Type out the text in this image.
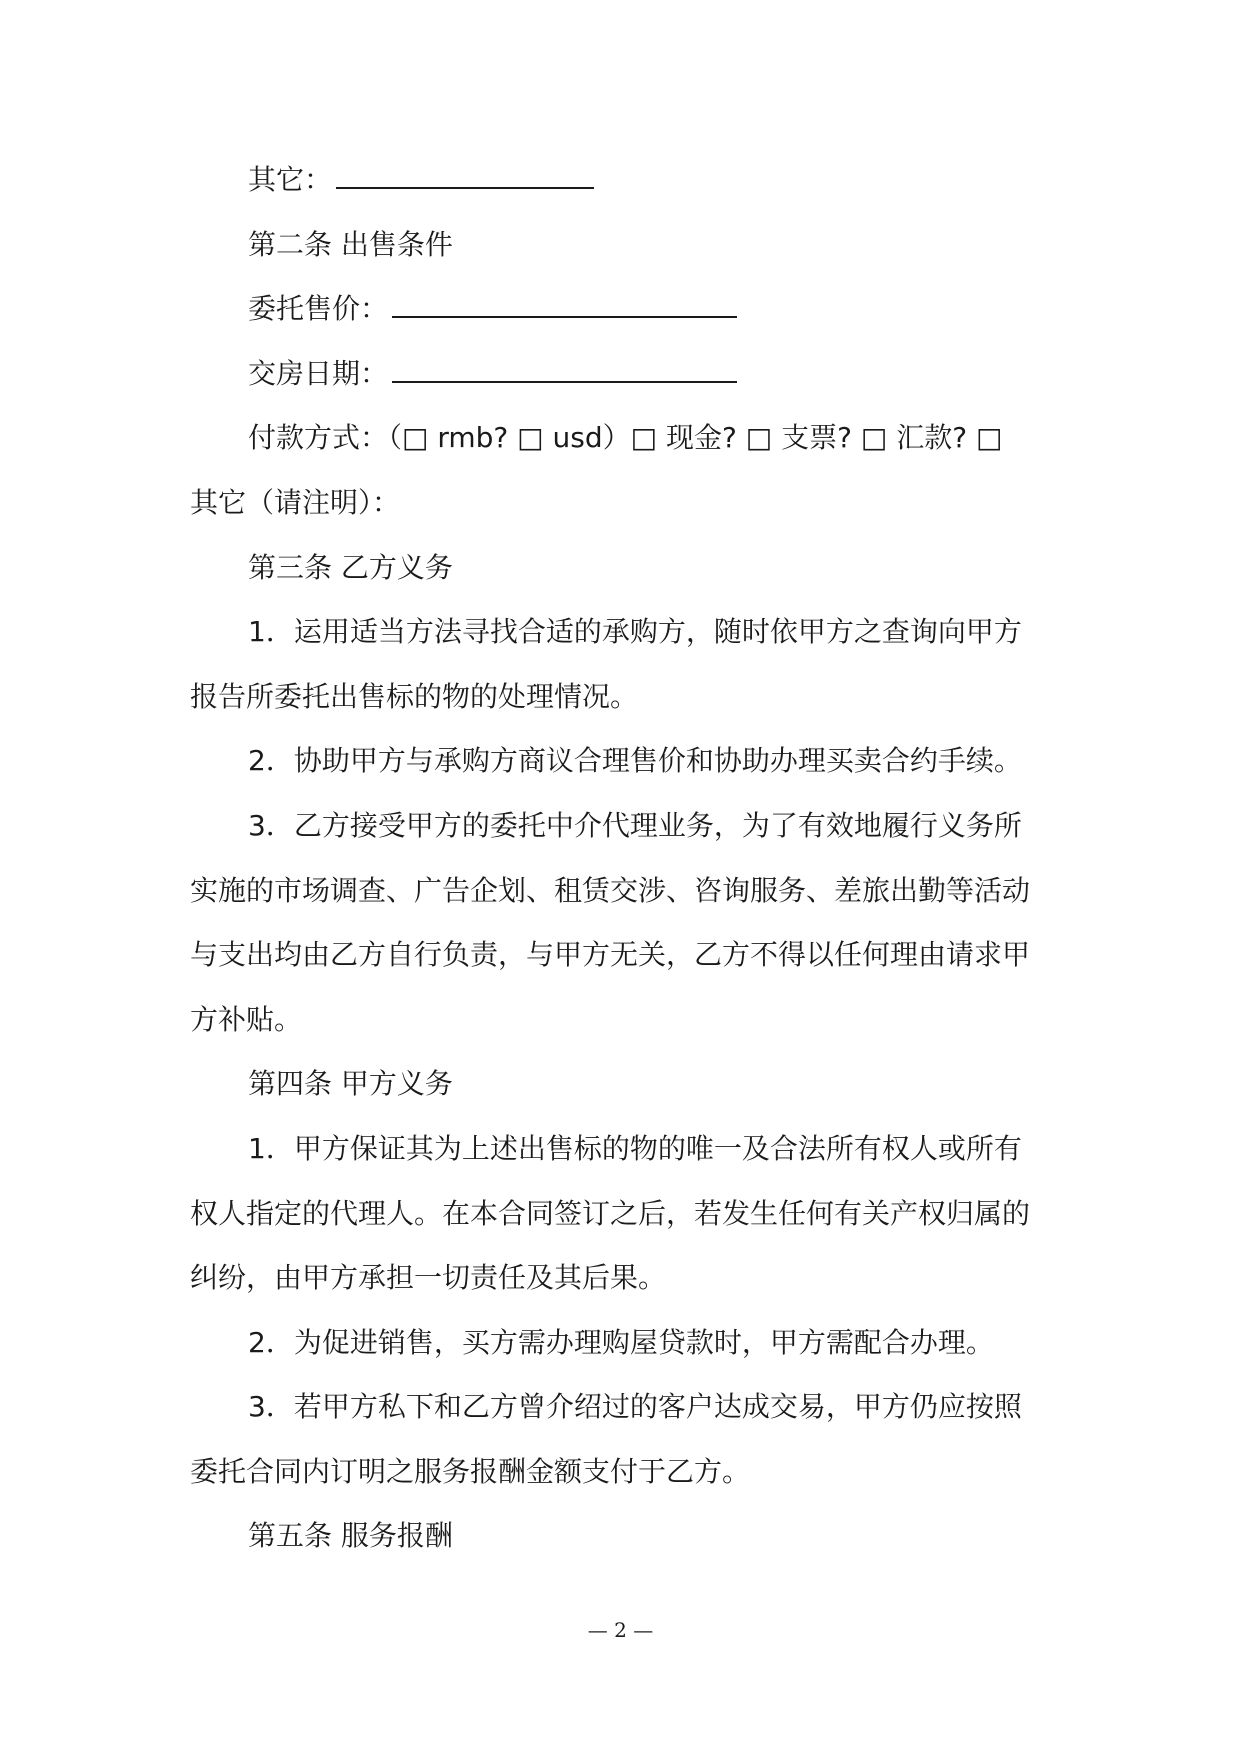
其它：

第二条 出售条件

委托售价：

交房日期：

付款方式：（□ rmb? □ usd）□ 现金? □ 支票? □ 汇款? □

其它（请注明）：

第三条 乙方义务

1．运用适当方法寻找合适的承购方，随时依甲方之查询向甲方

报告所委托出售标的物的处理情况。

2．协助甲方与承购方商议合理售价和协助办理买卖合约手续。

3．乙方接受甲方的委托中介代理业务，为了有效地履行义务所

实施的市场调查、广告企划、租赁交涉、咨询服务、差旅出勤等活动

与支出均由乙方自行负责，与甲方无关，乙方不得以任何理由请求甲

方补贴。

第四条 甲方义务

1．甲方保证其为上述出售标的物的唯一及合法所有权人或所有

权人指定的代理人。在本合同签订之后，若发生任何有关产权归属的

纠纷，由甲方承担一切责任及其后果。

2．为促进销售，买方需办理购屋贷款时，甲方需配合办理。

3．若甲方私下和乙方曾介绍过的客户达成交易，甲方仍应按照

委托合同内订明之服务报酬金额支付于乙方。

第五条 服务报酬

— 2 —
